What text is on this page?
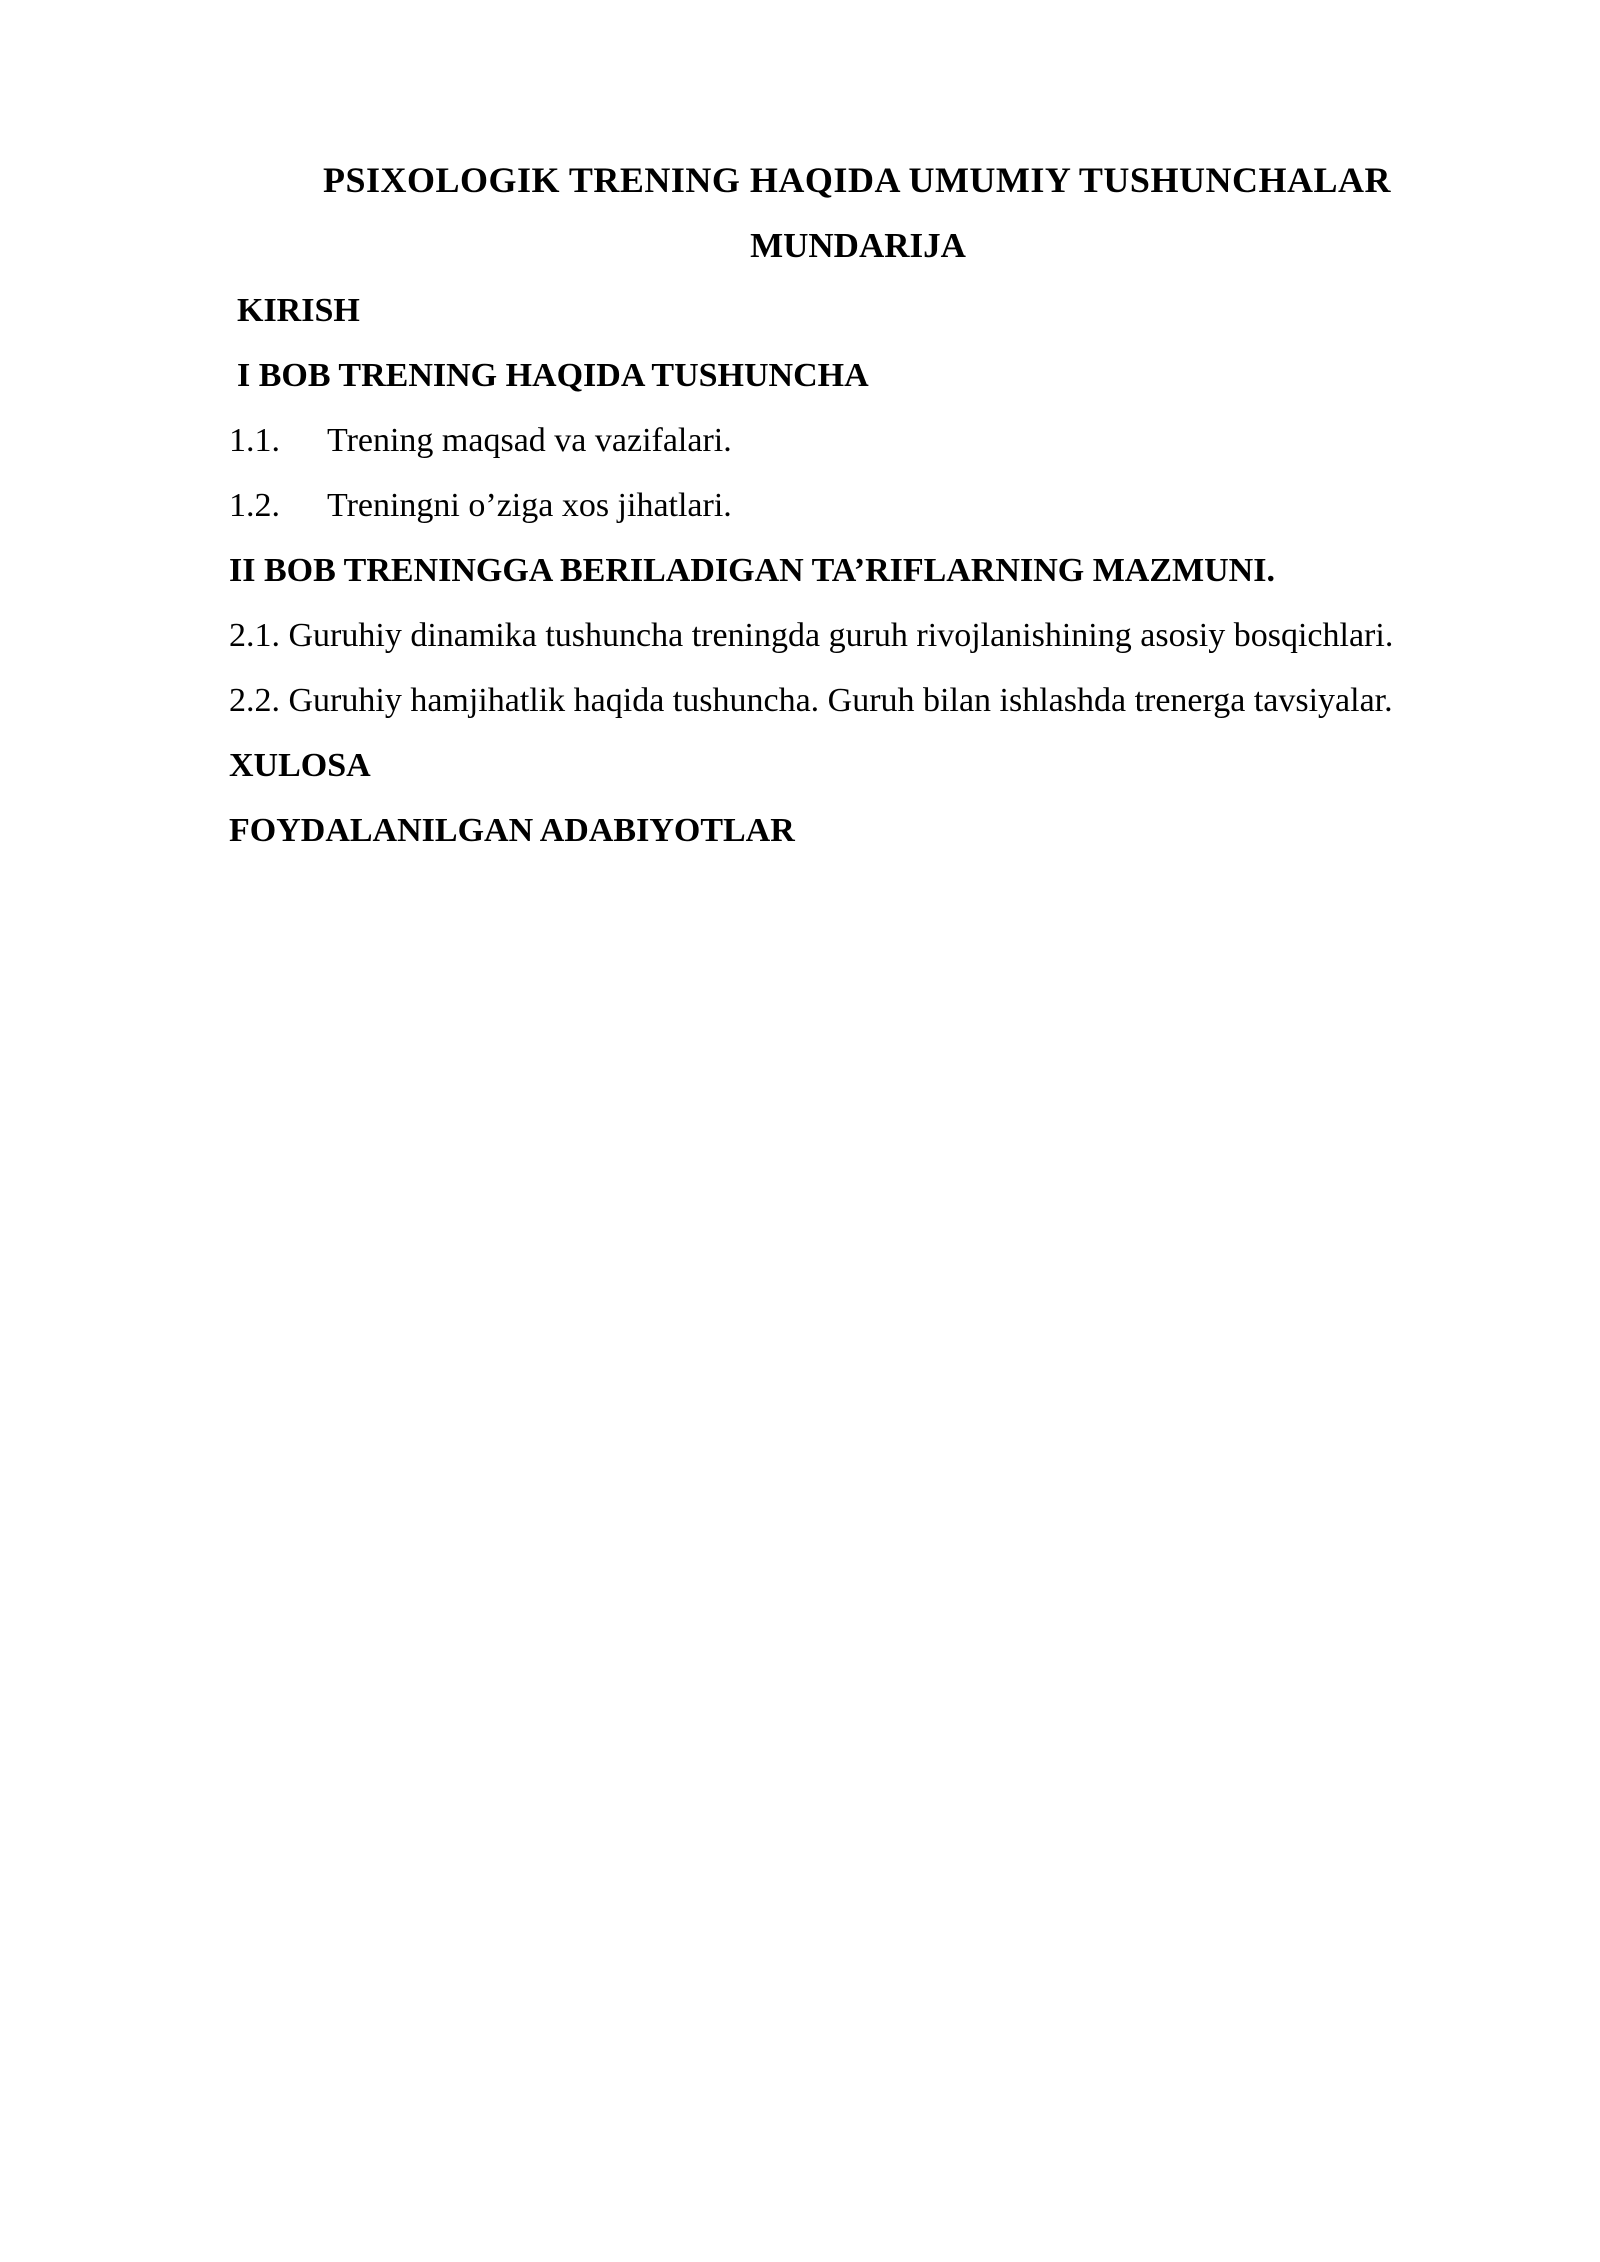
PSIXOLOGIK TRENING HAQIDA UMUMIY TUSHUNCHALAR
MUNDARIJA

KIRISH

I BOB TRENING HAQIDA TUSHUNCHA

1.1.	Trening maqsad va vazifalari.

1.2.	Treningni o’ziga xos jihatlari.

II BOB TRENINGGA BERILADIGAN TA’RIFLARNING MAZMUNI.

2.1. Guruhiy dinamika tushuncha treningda guruh rivojlanishining asosiy bosqichlari.

2.2. Guruhiy hamjihatlik haqida tushuncha. Guruh bilan ishlashda trenerga tavsiyalar.

XULOSA

FOYDALANILGAN ADABIYOTLAR
